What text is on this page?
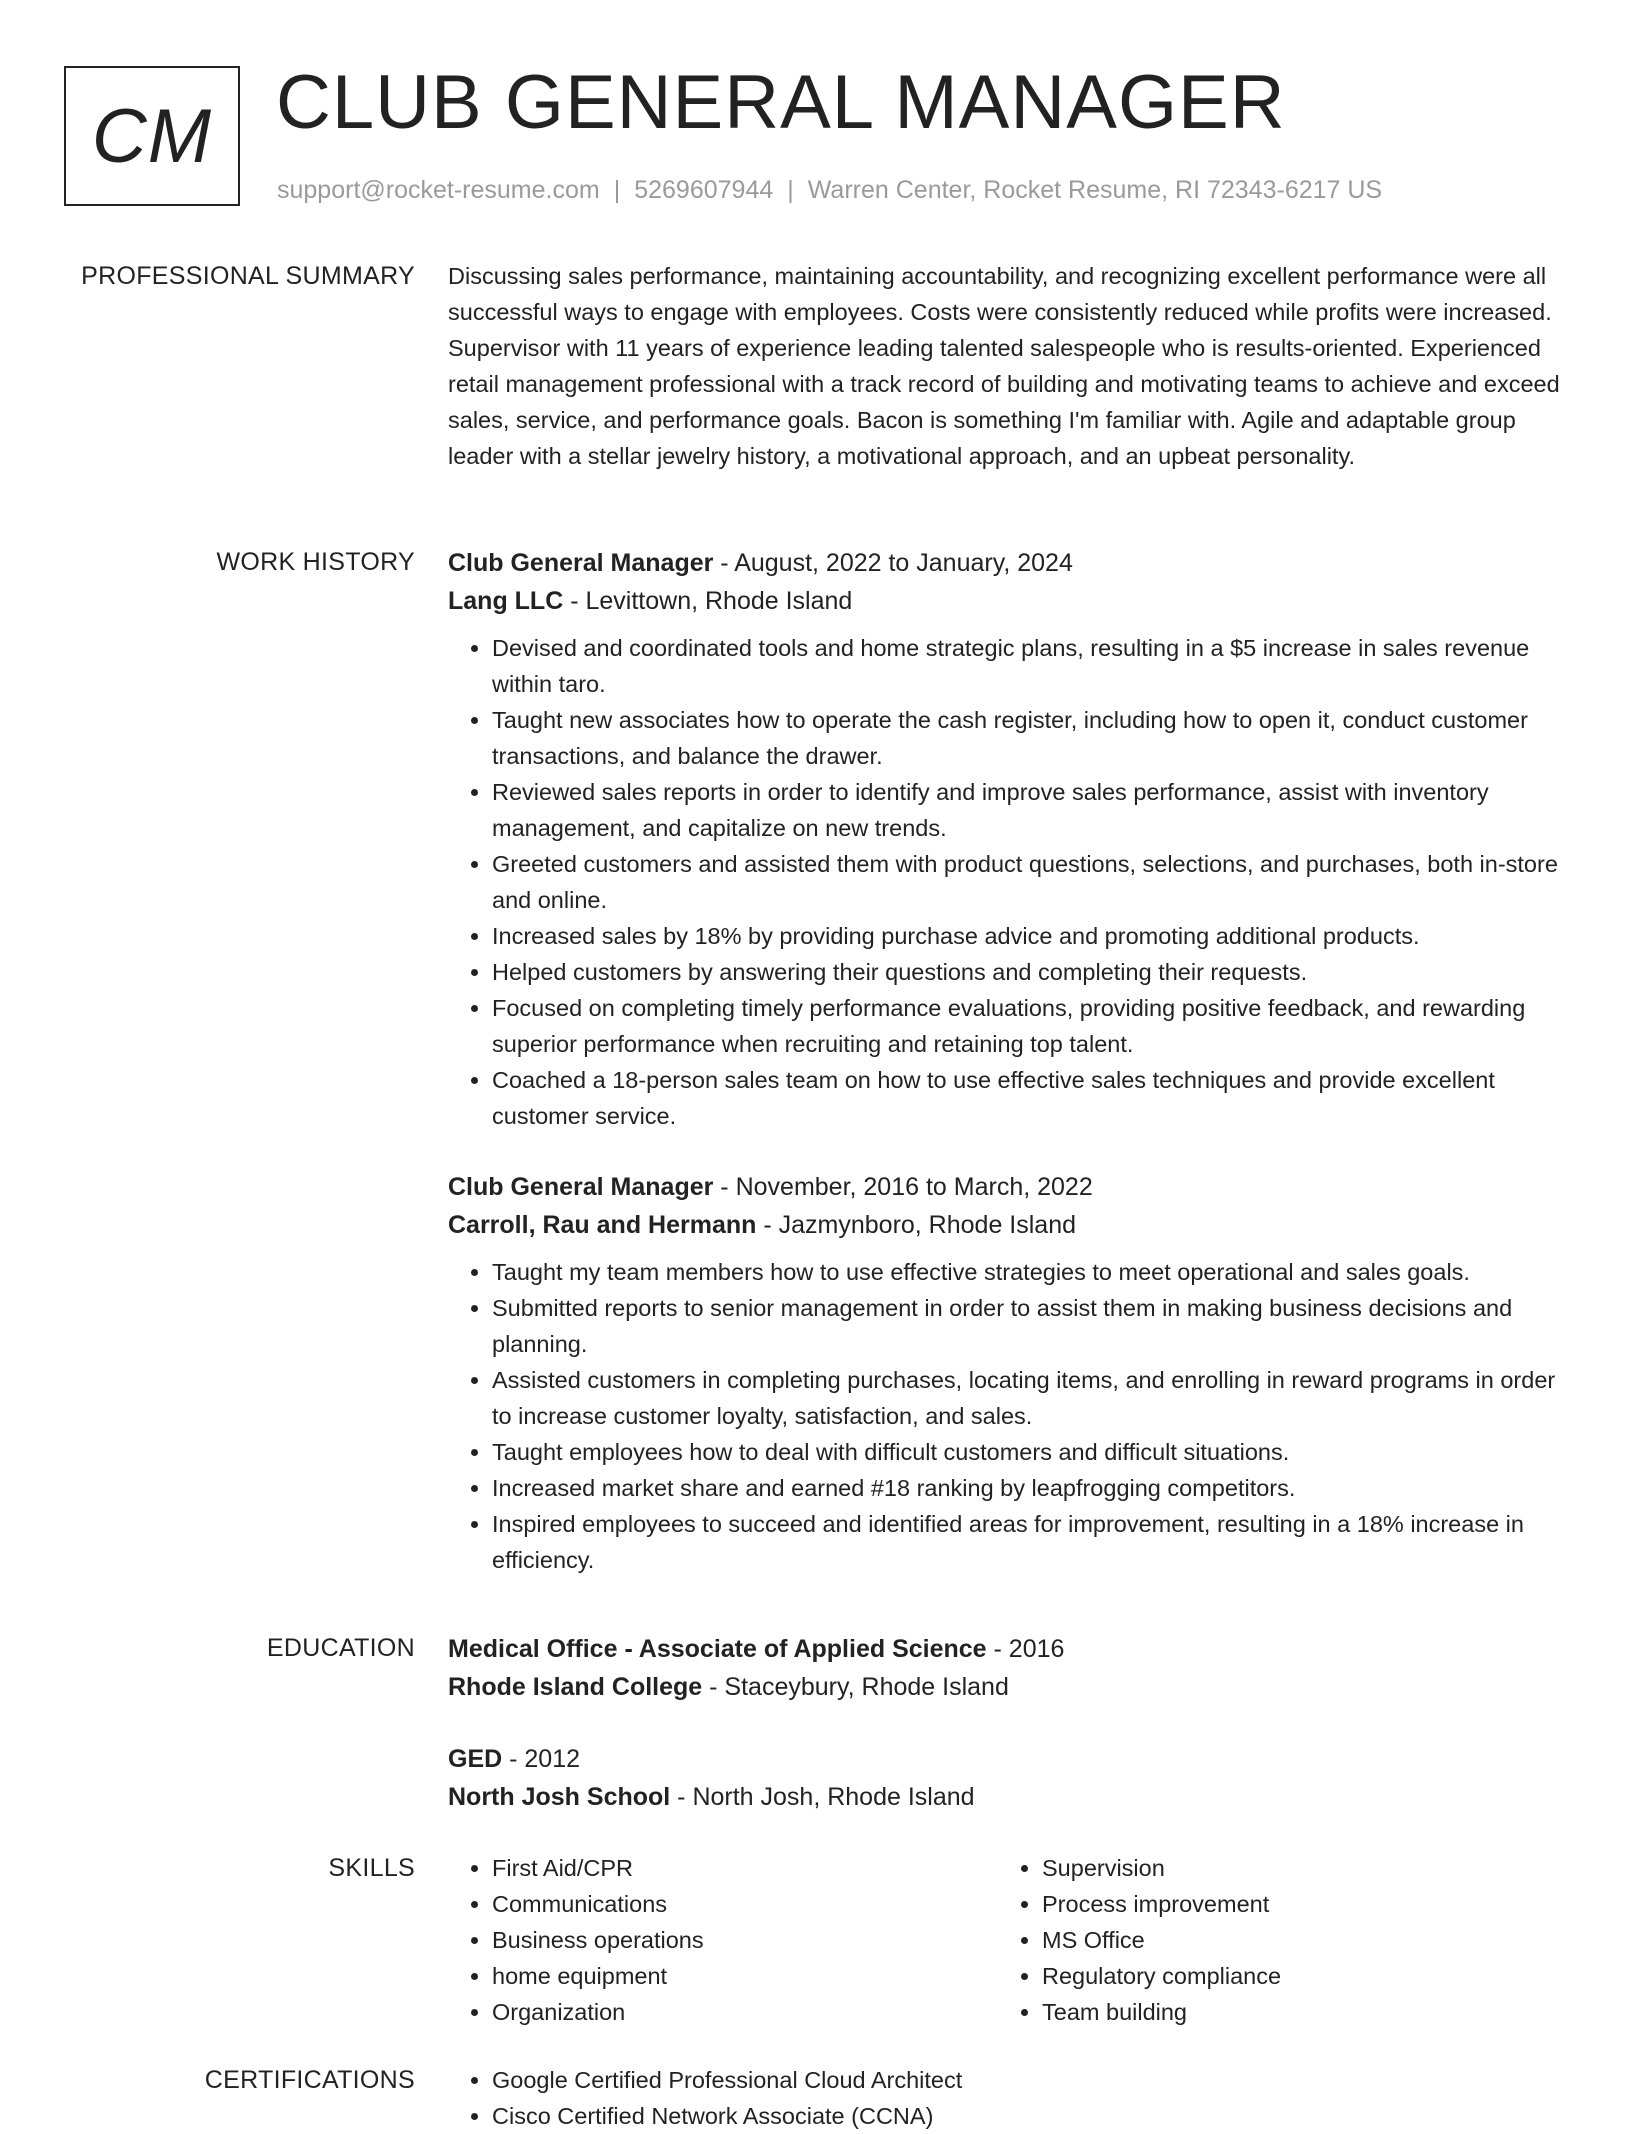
CM CLUB GENERAL MANAGER
support@rocket-resume.com | 5269607944 | Warren Center, Rocket Resume, RI 72343-6217 US
PROFESSIONAL SUMMARY Discussing sales performance, maintaining accountability, and recognizing excellent performance were all successful ways to engage with employees. Costs were consistently reduced while profits were increased. Supervisor with 11 years of experience leading talented salespeople who is results-oriented. Experienced retail management professional with a track record of building and motivating teams to achieve and exceed sales, service, and performance goals. Bacon is something I'm familiar with. Agile and adaptable group leader with a stellar jewelry history, a motivational approach, and an upbeat personality.
WORK HISTORY Club General Manager - August, 2022 to January, 2024
Lang LLC - Levittown, Rhode Island
• Devised and coordinated tools and home strategic plans, resulting in a $5 increase in sales revenue within taro.
• Taught new associates how to operate the cash register, including how to open it, conduct customer transactions, and balance the drawer.
• Reviewed sales reports in order to identify and improve sales performance, assist with inventory management, and capitalize on new trends.
• Greeted customers and assisted them with product questions, selections, and purchases, both in-store and online.
• Increased sales by 18% by providing purchase advice and promoting additional products.
• Helped customers by answering their questions and completing their requests.
• Focused on completing timely performance evaluations, providing positive feedback, and rewarding superior performance when recruiting and retaining top talent.
• Coached a 18-person sales team on how to use effective sales techniques and provide excellent customer service.
Club General Manager - November, 2016 to March, 2022
Carroll, Rau and Hermann - Jazmynboro, Rhode Island
• Taught my team members how to use effective strategies to meet operational and sales goals.
• Submitted reports to senior management in order to assist them in making business decisions and planning.
• Assisted customers in completing purchases, locating items, and enrolling in reward programs in order to increase customer loyalty, satisfaction, and sales.
• Taught employees how to deal with difficult customers and difficult situations.
• Increased market share and earned #18 ranking by leapfrogging competitors.
• Inspired employees to succeed and identified areas for improvement, resulting in a 18% increase in efficiency.
EDUCATION Medical Office - Associate of Applied Science - 2016
Rhode Island College - Staceybury, Rhode Island
GED - 2012
North Josh School - North Josh, Rhode Island
SKILLS	• First Aid/CPR
• Communications
• Business operations
• home equipment
• Organization
• Supervision
• Process improvement
• MS Office
• Regulatory compliance
• Team building
CERTIFICATIONS	• Google Certified Professional Cloud Architect
• Cisco Certified Network Associate (CCNA)
